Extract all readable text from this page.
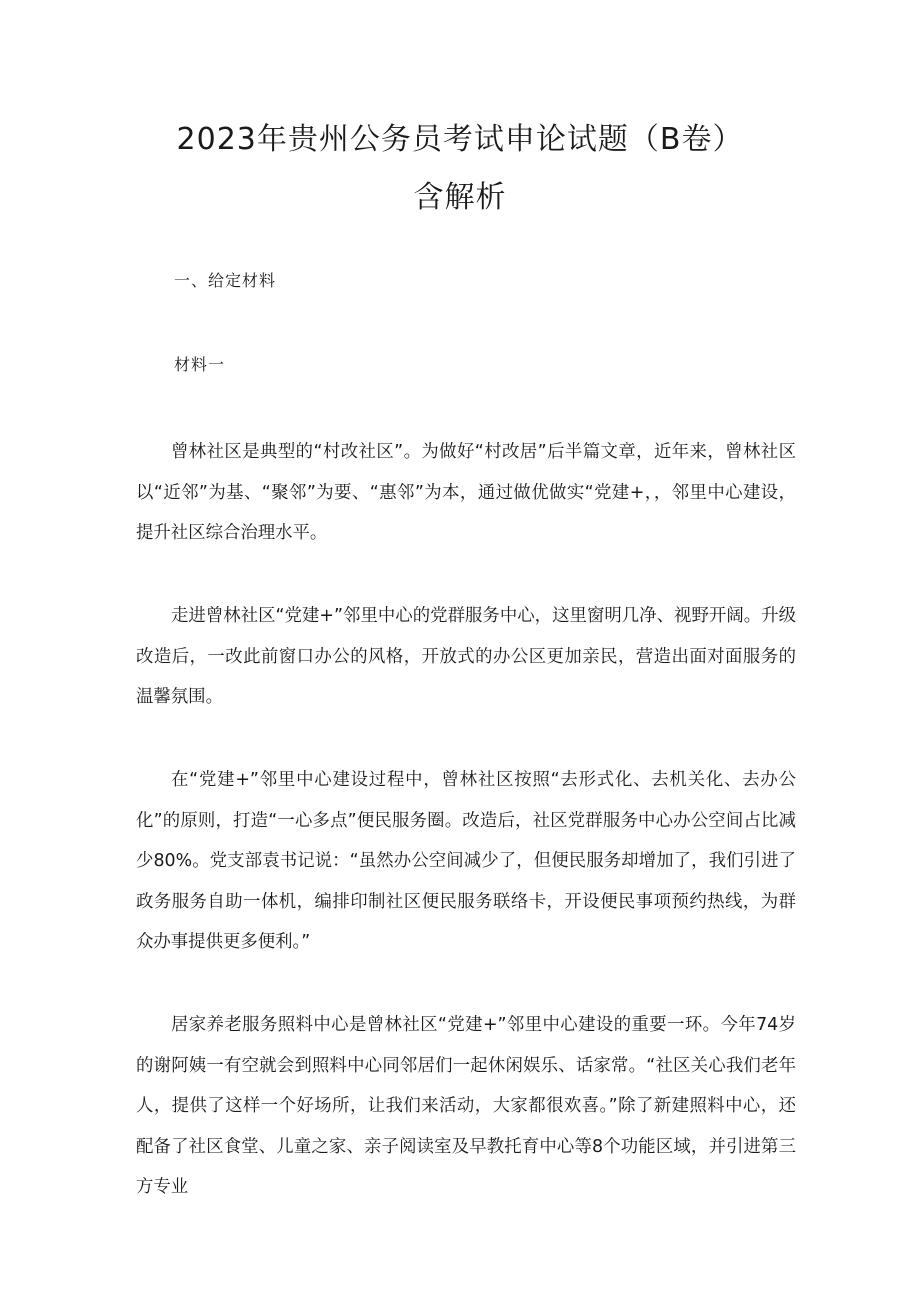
2023年贵州公务员考试申论试题（B卷）
含解析

一、给定材料

材料一

曾林社区是典型的“村改社区”。为做好“村改居”后半篇文章，近年来，曾林社区以“近邻”为基、“聚邻”为要、“惠邻”为本，通过做优做实“党建+，，邻里中心建设，提升社区综合治理水平。

走进曾林社区“党建+”邻里中心的党群服务中心，这里窗明几净、视野开阔。升级改造后，一改此前窗口办公的风格，开放式的办公区更加亲民，营造出面对面服务的温馨氛围。

在“党建+”邻里中心建设过程中，曾林社区按照“去形式化、去机关化、去办公化”的原则，打造“一心多点”便民服务圈。改造后，社区党群服务中心办公空间占比减少80%。党支部袁书记说：“虽然办公空间减少了，但便民服务却增加了，我们引进了政务服务自助一体机，编排印制社区便民服务联络卡，开设便民事项预约热线，为群众办事提供更多便利。”

居家养老服务照料中心是曾林社区“党建+”邻里中心建设的重要一环。今年74岁的谢阿姨一有空就会到照料中心同邻居们一起休闲娱乐、话家常。“社区关心我们老年人，提供了这样一个好场所，让我们来活动，大家都很欢喜。”除了新建照料中心，还配备了社区食堂、儿童之家、亲子阅读室及早教托育中心等8个功能区域，并引进第三方专业
